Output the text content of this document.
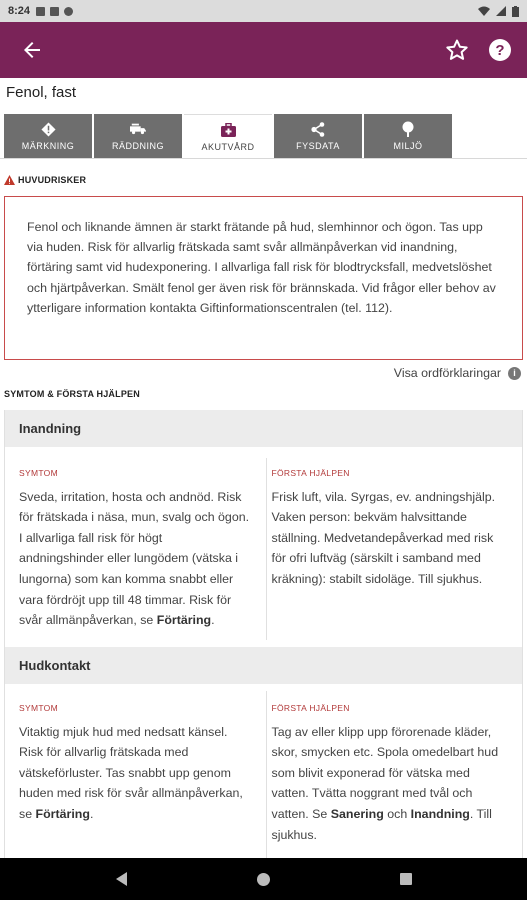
8:24
?
Fenol, fast
MÄRKNING	RÄDDNING	AKUTVÅRD	FYSDATA	MILJÖ
HUVUDRISKER
Fenol och liknande ämnen är starkt frätande på hud, slemhinnor och ögon. Tas upp via huden. Risk för allvarlig frätskada samt svår allmänpåverkan vid inandning, förtäring samt vid hudexponering. I allvarliga fall risk för blodtrycksfall, medvetslöshet och hjärtpåverkan. Smält fenol ger även risk för brännskada. Vid frågor eller behov av ytterligare information kontakta Giftinformationscentralen (tel. 112).
Visa ordförklaringar	i
SYMTOM & FÖRSTA HJÄLPEN
Inandning
SYMTOM
Sveda, irritation, hosta och andnöd. Risk för frätskada i näsa, mun, svalg och ögon. I allvarliga fall risk för högt andningshinder eller lungödem (vätska i lungorna) som kan komma snabbt eller vara fördröjt upp till 48 timmar. Risk för svår allmänpåverkan, se Förtäring.
FÖRSTA HJÄLPEN
Frisk luft, vila. Syrgas, ev. andningshjälp. Vaken person: bekväm halvsittande ställning. Medvetandepåverkad med risk för ofri luftväg (särskilt i samband med kräkning): stabilt sidoläge. Till sjukhus.
Hudkontakt
SYMTOM
Vitaktig mjuk hud med nedsatt känsel. Risk för allvarlig frätskada med vätskeförluster. Tas snabbt upp genom huden med risk för svår allmänpåverkan, se Förtäring.
FÖRSTA HJÄLPEN
Tag av eller klipp upp förorenade kläder, skor, smycken etc. Spola omedelbart hud som blivit exponerad för vätska med vatten. Tvätta noggrant med tvål och vatten. Se Sanering och Inandning. Till sjukhus.
